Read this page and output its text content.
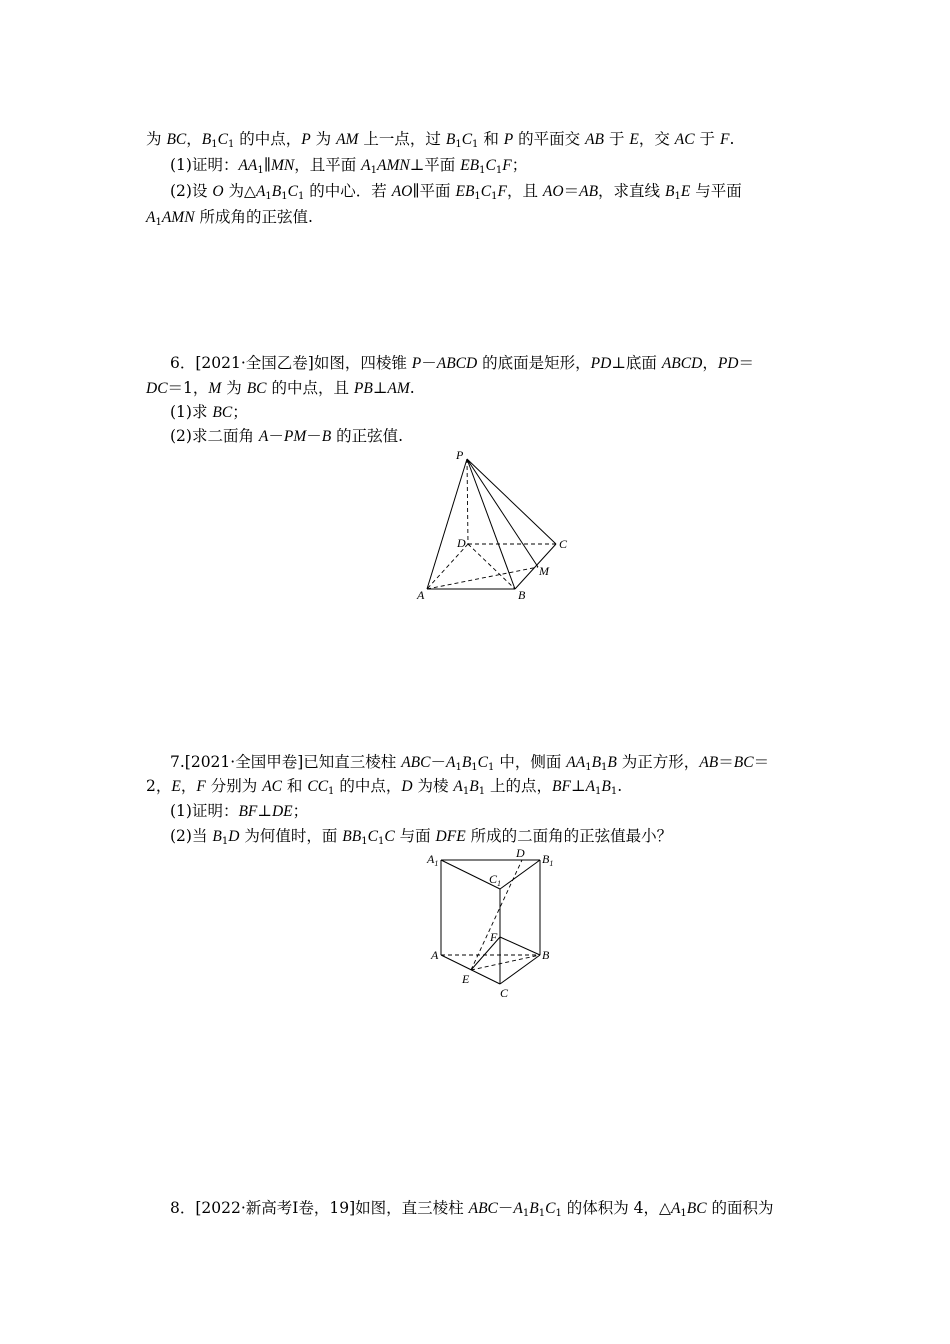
为 BC，$B_1C_1$ 的中点，P 为 AM 上一点，过 $B_1C_1$ 和 P 的平面交 AB 于 E，交 AC 于 F.
(1)证明：$AA_1\parallel MN$，且平面 $A_1AMN\perp$平面 $EB_1C_1F$；
(2)设 O 为$\triangle A_1B_1C_1$ 的中心．若 AO∥平面 $EB_1C_1F$，且 AO＝AB，求直线 $B_1E$ 与平面
$A_1AMN$ 所成角的正弦值.
6．[2021·全国乙卷]如图，四棱锥 P－ABCD 的底面是矩形，PD⊥底面 ABCD，PD＝
DC＝1，M 为 BC 的中点，且 PB⊥AM.
(1)求 BC；
(2)求二面角 A－PM－B 的正弦值.
P
D	C
M
A	B
7.[2021·全国甲卷]已知直三棱柱 $ABC-A_1B_1C_1$ 中，侧面 $AA_1B_1B$ 为正方形，AB＝BC＝
2，E，F 分别为 AC 和 $CC_1$ 的中点，D 为棱 $A_1B_1$ 上的点，$BF\perp A_1B_1$.
(1)证明：BF⊥DE；
(2)当 $B_1D$ 为何值时，面 $BB_1C_1C$ 与面 DFE 所成的二面角的正弦值最小？
$A_1$
D $B_1$
$C_1$
F
A	B
E
C
8．[2022·新高考Ⅰ卷，19]如图，直三棱柱 $ABC-A_1B_1C_1$ 的体积为 4，$\triangle A_1BC$ 的面积为
